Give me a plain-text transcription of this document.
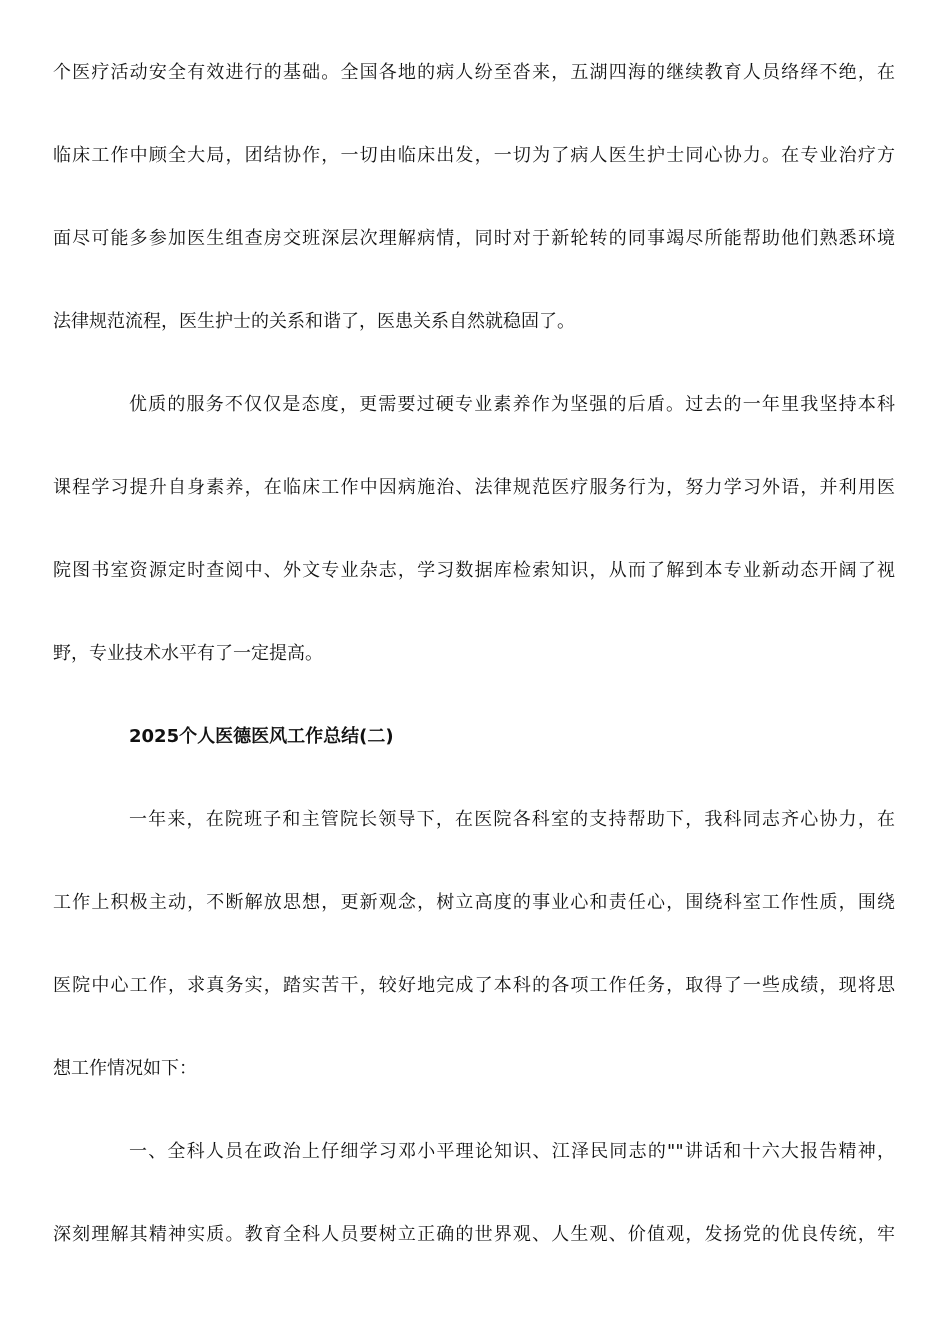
个医疗活动安全有效进行的基础。全国各地的病人纷至沓来，五湖四海的继续教育人员络绎不绝，在
临床工作中顾全大局，团结协作，一切由临床出发，一切为了病人医生护士同心协力。在专业治疗方
面尽可能多参加医生组查房交班深层次理解病情，同时对于新轮转的同事竭尽所能帮助他们熟悉环境
法律规范流程，医生护士的关系和谐了，医患关系自然就稳固了。
优质的服务不仅仅是态度，更需要过硬专业素养作为坚强的后盾。过去的一年里我坚持本科
课程学习提升自身素养，在临床工作中因病施治、法律规范医疗服务行为，努力学习外语，并利用医
院图书室资源定时查阅中、外文专业杂志，学习数据库检索知识，从而了解到本专业新动态开阔了视
野，专业技术水平有了一定提高。
2025个人医德医风工作总结(二)
一年来，在院班子和主管院长领导下，在医院各科室的支持帮助下，我科同志齐心协力，在
工作上积极主动，不断解放思想，更新观念，树立高度的事业心和责任心，围绕科室工作性质，围绕
医院中心工作，求真务实，踏实苦干，较好地完成了本科的各项工作任务，取得了一些成绩，现将思
想工作情况如下：
一、全科人员在政治上仔细学习邓小平理论知识、江泽民同志的""讲话和十六大报告精神，
深刻理解其精神实质。教育全科人员要树立正确的世界观、人生观、价值观，发扬党的优良传统，牢
